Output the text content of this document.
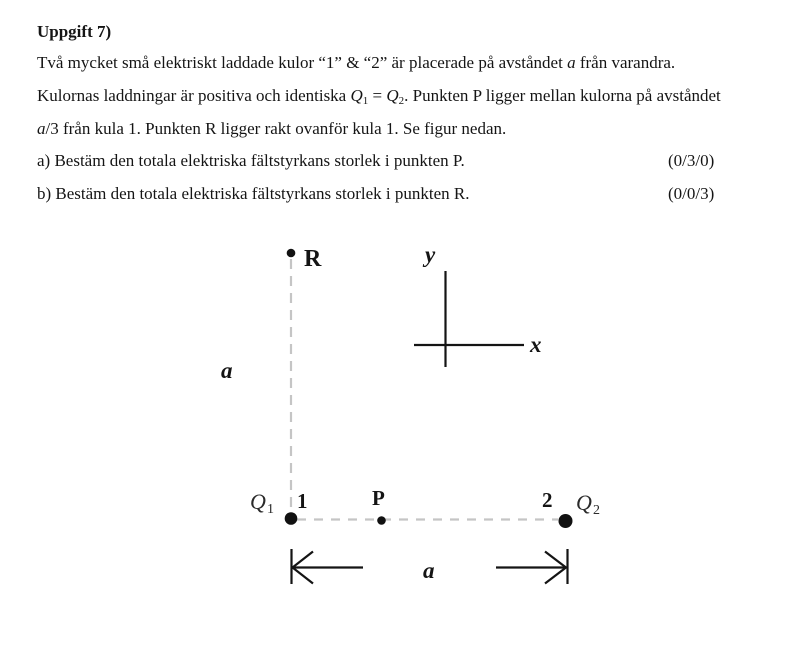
Uppgift 7)
Två mycket små elektriskt laddade kulor “1” & “2” är placerade på avståndet a från varandra.
Kulornas laddningar är positiva och identiska Q1 = Q2. Punkten P ligger mellan kulorna på avståndet
a/3 från kula 1. Punkten R ligger rakt ovanför kula 1. Se figur nedan.
a) Bestäm den totala elektriska fältstyrkans storlek i punkten P.	(0/3/0)
b) Bestäm den totala elektriska fältstyrkans storlek i punkten R.	(0/0/3)
R	y
x
a
Q 1 1	P	2 Q 2
a
